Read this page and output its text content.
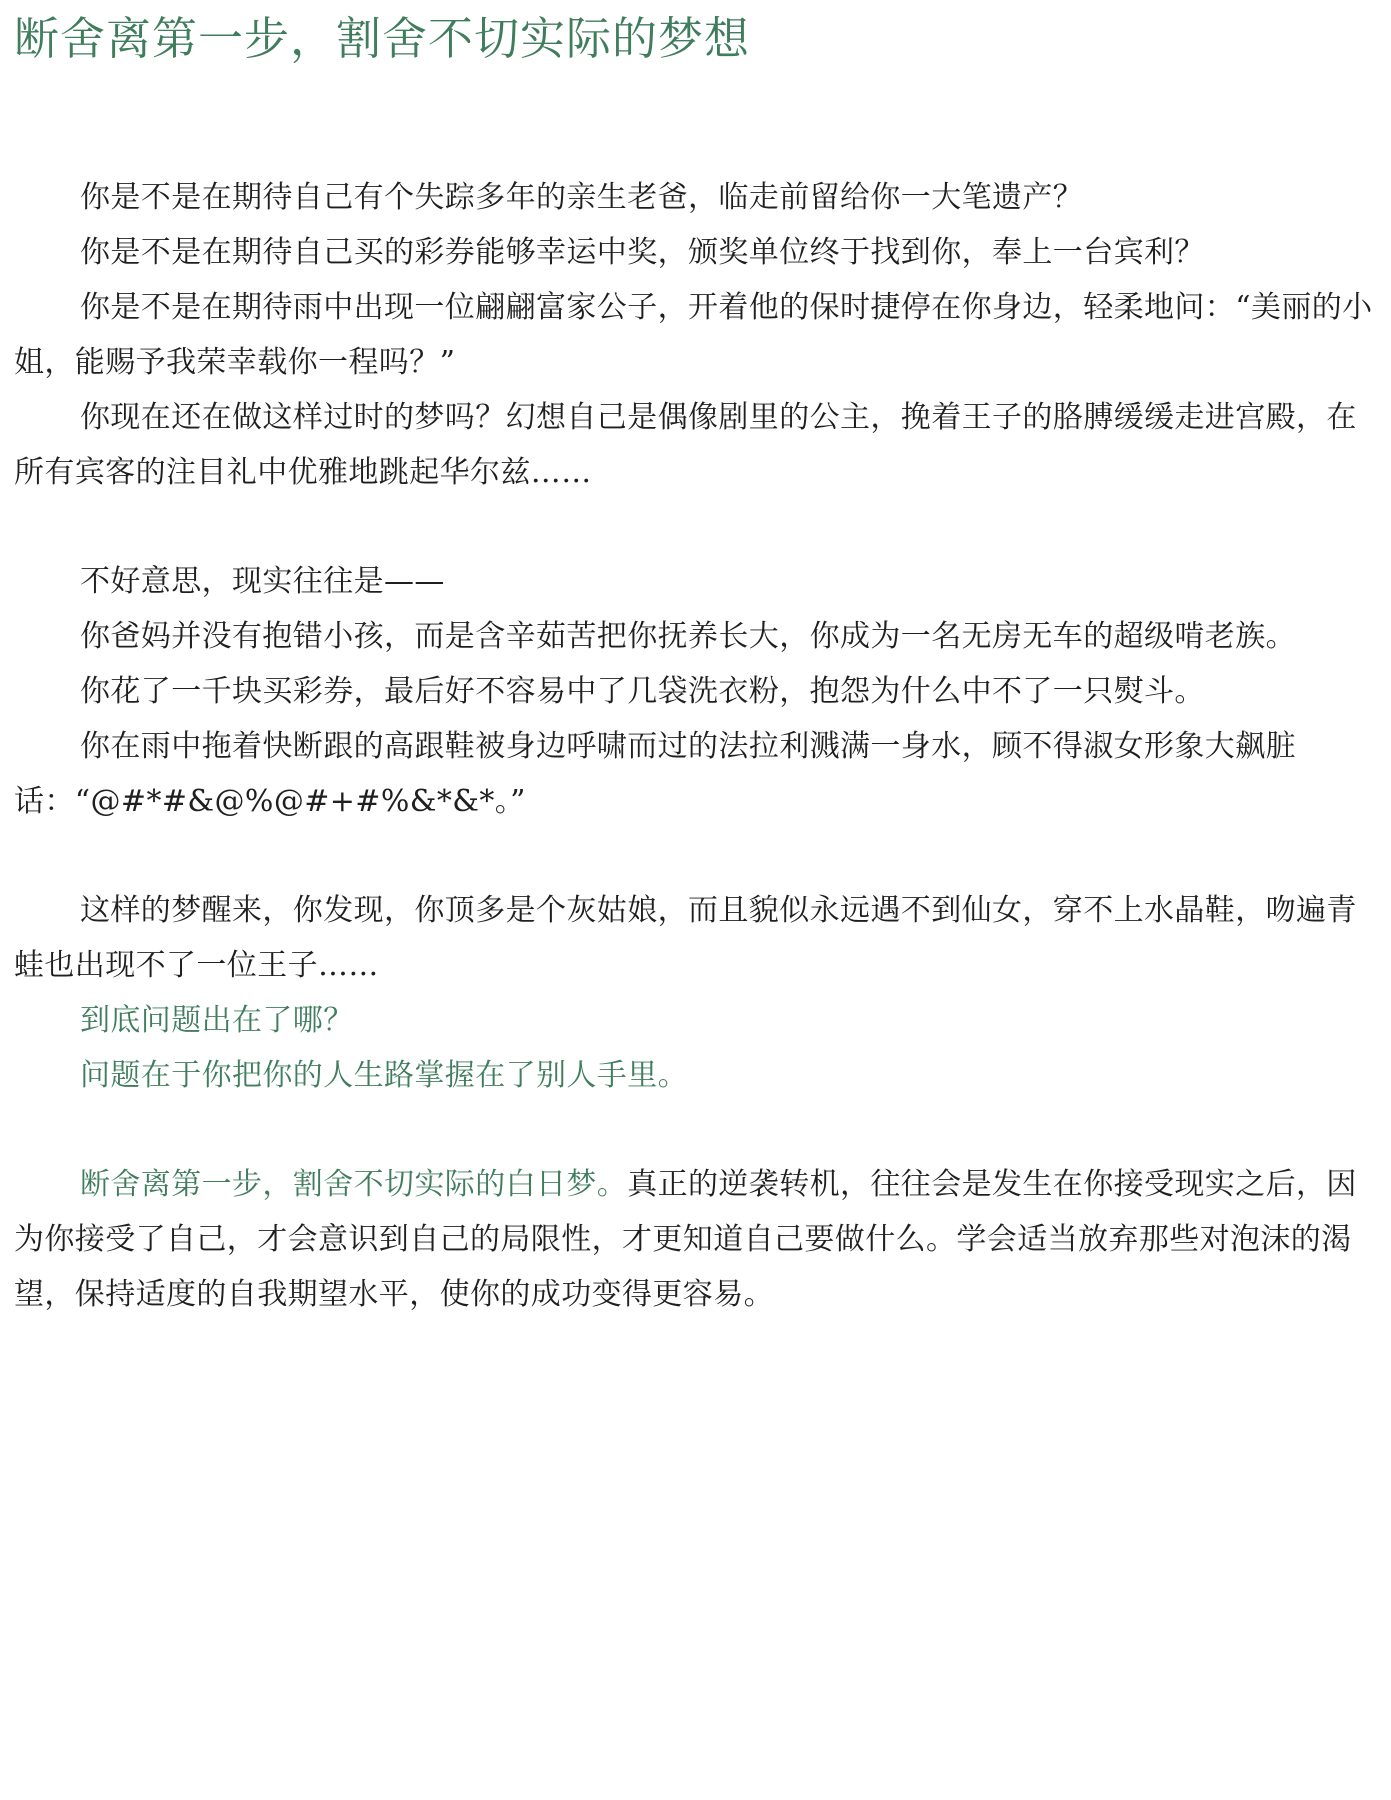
断舍离第一步，割舍不切实际的梦想

你是不是在期待自己有个失踪多年的亲生老爸，临走前留给你一大笔遗产？

你是不是在期待自己买的彩券能够幸运中奖，颁奖单位终于找到你，奉上一台宾利？

你是不是在期待雨中出现一位翩翩富家公子，开着他的保时捷停在你身边，轻柔地问：“美丽的小姐，能赐予我荣幸载你一程吗？”

你现在还在做这样过时的梦吗？幻想自己是偶像剧里的公主，挽着王子的胳膊缓缓走进宫殿，在所有宾客的注目礼中优雅地跳起华尔兹……

不好意思，现实往往是——

你爸妈并没有抱错小孩，而是含辛茹苦把你抚养长大，你成为一名无房无车的超级啃老族。

你花了一千块买彩券，最后好不容易中了几袋洗衣粉，抱怨为什么中不了一只熨斗。

你在雨中拖着快断跟的高跟鞋被身边呼啸而过的法拉利溅满一身水，顾不得淑女形象大飙脏话：“@#*#&@%@#+#%&*&*。”

这样的梦醒来，你发现，你顶多是个灰姑娘，而且貌似永远遇不到仙女，穿不上水晶鞋，吻遍青蛙也出现不了一位王子……

到底问题出在了哪？

问题在于你把你的人生路掌握在了别人手里。

断舍离第一步，割舍不切实际的白日梦。真正的逆袭转机，往往会是发生在你接受现实之后，因为你接受了自己，才会意识到自己的局限性，才更知道自己要做什么。学会适当放弃那些对泡沫的渴望，保持适度的自我期望水平，使你的成功变得更容易。
